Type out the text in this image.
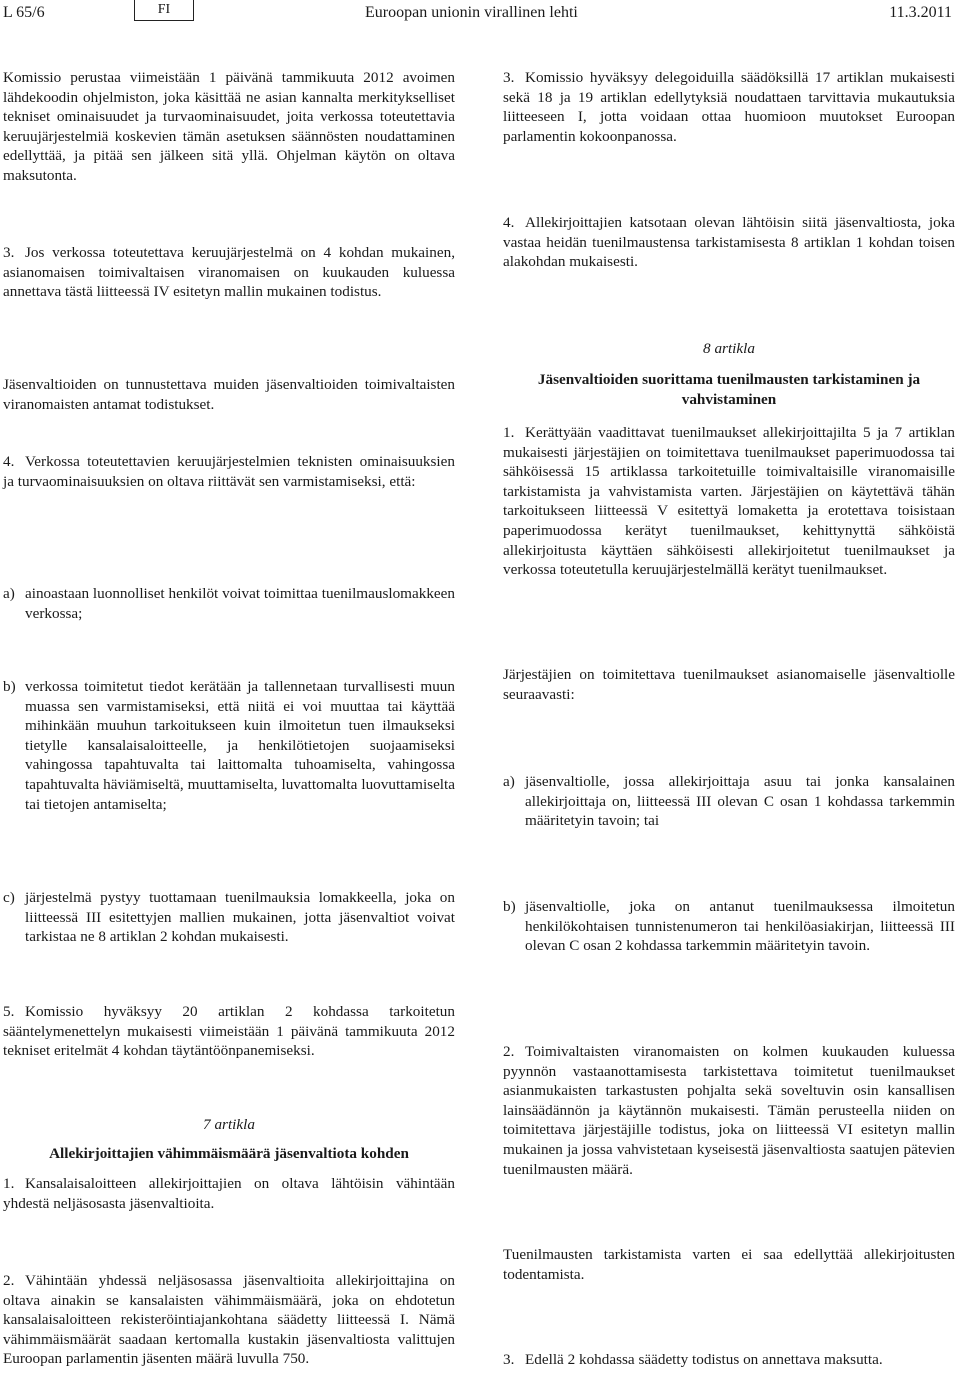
L 65/6	FI	Euroopan unionin virallinen lehti	11.3.2011

Komissio perustaa viimeistään 1 päivänä tammikuuta 2012 avoimen lähdekoodin ohjelmiston, joka käsittää ne asian kannalta merkitykselliset tekniset ominaisuudet ja turvaominaisuudet, joita verkossa toteutettavia keruujärjestelmiä koskevien tämän asetuksen säännösten noudattaminen edellyttää, ja pitää sen jälkeen sitä yllä. Ohjelman käytön on oltava maksutonta.

3. Jos verkossa toteutettava keruujärjestelmä on 4 kohdan mukainen, asianomaisen toimivaltaisen viranomaisen on kuukauden kuluessa annettava tästä liitteessä IV esitetyn mallin mukainen todistus.

Jäsenvaltioiden on tunnustettava muiden jäsenvaltioiden toimivaltaisten viranomaisten antamat todistukset.

4. Verkossa toteutettavien keruujärjestelmien teknisten ominaisuuksien ja turvaominaisuuksien on oltava riittävät sen varmistamiseksi, että:

a) ainoastaan luonnolliset henkilöt voivat toimittaa tuenilmauslomakkeen verkossa;
b) verkossa toimitetut tiedot kerätään ja tallennetaan turvallisesti muun muassa sen varmistamiseksi, että niitä ei voi muuttaa tai käyttää mihinkään muuhun tarkoitukseen kuin ilmoitetun tuen ilmaukseksi tietylle kansalaisaloitteelle, ja henkilötietojen suojaamiseksi vahingossa tapahtuvalta tai laittomalta tuhoamiselta, vahingossa tapahtuvalta häviämiseltä, muuttamiselta, luvattomalta luovuttamiselta tai tietojen antamiselta;
c) järjestelmä pystyy tuottamaan tuenilmauksia lomakkeella, joka on liitteessä III esitettyjen mallien mukainen, jotta jäsenvaltiot voivat tarkistaa ne 8 artiklan 2 kohdan mukaisesti.

5. Komissio hyväksyy 20 artiklan 2 kohdassa tarkoitetun sääntelymenettelyn mukaisesti viimeistään 1 päivänä tammikuuta 2012 tekniset eritelmät 4 kohdan täytäntöönpanemiseksi.

7 artikla

Allekirjoittajien vähimmäismäärä jäsenvaltiota kohden

1. Kansalaisaloitteen allekirjoittajien on oltava lähtöisin vähintään yhdestä neljäsosasta jäsenvaltioita.

2. Vähintään yhdessä neljäsosassa jäsenvaltioita allekirjoittajina on oltava ainakin se kansalaisten vähimmäismäärä, joka on ehdotetun kansalaisaloitteen rekisteröintiajankohtana säädetty liitteessä I. Nämä vähimmäismäärät saadaan kertomalla kustakin jäsenvaltiosta valittujen Euroopan parlamentin jäsenten määrä luvulla 750.

3. Komissio hyväksyy delegoiduilla säädöksillä 17 artiklan mukaisesti sekä 18 ja 19 artiklan edellytyksiä noudattaen tarvittavia mukautuksia liitteeseen I, jotta voidaan ottaa huomioon muutokset Euroopan parlamentin kokoonpanossa.

4. Allekirjoittajien katsotaan olevan lähtöisin siitä jäsenvaltiosta, joka vastaa heidän tuenilmaustensa tarkistamisesta 8 artiklan 1 kohdan toisen alakohdan mukaisesti.

8 artikla

Jäsenvaltioiden suorittama tuenilmausten tarkistaminen ja vahvistaminen

1. Kerättyään vaadittavat tuenilmaukset allekirjoittajilta 5 ja 7 artiklan mukaisesti järjestäjien on toimitettava tuenilmaukset paperimuodossa tai sähköisessä 15 artiklassa tarkoitetuille toimivaltaisille viranomaisille tarkistamista ja vahvistamista varten. Järjestäjien on käytettävä tähän tarkoitukseen liitteessä V esitettyä lomaketta ja erotettava toisistaan paperimuodossa kerätyt tuenilmaukset, kehittynyttä sähköistä allekirjoitusta käyttäen sähköisesti allekirjoitetut tuenilmaukset ja verkossa toteutetulla keruujärjestelmällä kerätyt tuenilmaukset.

Järjestäjien on toimitettava tuenilmaukset asianomaiselle jäsenvaltiolle seuraavasti:

a) jäsenvaltiolle, jossa allekirjoittaja asuu tai jonka kansalainen allekirjoittaja on, liitteessä III olevan C osan 1 kohdassa tarkemmin määritetyin tavoin; tai
b) jäsenvaltiolle, joka on antanut tuenilmauksessa ilmoitetun henkilökohtaisen tunnistenumeron tai henkilöasiakirjan, liitteessä III olevan C osan 2 kohdassa tarkemmin määritetyin tavoin.

2. Toimivaltaisten viranomaisten on kolmen kuukauden kuluessa pyynnön vastaanottamisesta tarkistettava toimitetut tuenilmaukset asianmukaisten tarkastusten pohjalta sekä soveltuvin osin kansallisen lainsäädännön ja käytännön mukaisesti. Tämän perusteella niiden on toimitettava järjestäjille todistus, joka on liitteessä VI esitetyn mallin mukainen ja jossa vahvistetaan kyseisestä jäsenvaltiosta saatujen pätevien tuenilmausten määrä.

Tuenilmausten tarkistamista varten ei saa edellyttää allekirjoitusten todentamista.

3. Edellä 2 kohdassa säädetty todistus on annettava maksutta.
